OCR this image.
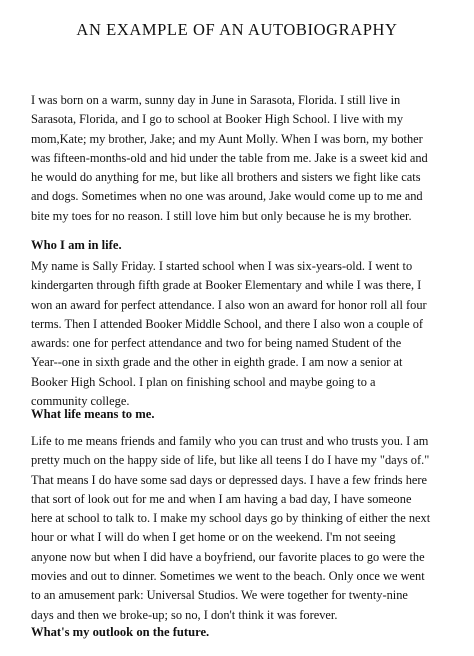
AN EXAMPLE OF AN AUTOBIOGRAPHY
I was born on a warm, sunny day in June in Sarasota, Florida. I still live in
Sarasota, Florida, and I go to school at Booker High School. I live with my
mom,Kate; my brother, Jake; and my Aunt Molly. When I was born, my bother
was fifteen-months-old and hid under the table from me. Jake is a sweet kid and
he would do anything for me, but like all brothers and sisters we fight like cats
and dogs. Sometimes when no one was around, Jake would come up to me and
bite my toes for no reason. I still love him but only because he is my brother.
Who I am in life.
My name is Sally Friday. I started school when I was six-years-old. I went to
kindergarten through fifth grade at Booker Elementary and while I was there, I
won an award for perfect attendance. I also won an award for honor roll all four
terms. Then I attended Booker Middle School, and there I also won a couple of
awards: one for perfect attendance and two for being named Student of the
Year--one in sixth grade and the other in eighth grade. I am now a senior at
Booker High School. I plan on finishing school and maybe going to a
community college.
What life means to me.
Life to me means friends and family who you can trust and who trusts you. I am
pretty much on the happy side of life, but like all teens I do I have my "days of."
That means I do have some sad days or depressed days. I have a few frinds here
that sort of look out for me and when I am having a bad day, I have someone
here at school to talk to. I make my school days go by thinking of either the next
hour or what I will do when I get home or on the weekend. I'm not seeing
anyone now but when I did have a boyfriend, our favorite places to go were the
movies and out to dinner. Sometimes we went to the beach. Only once we went
to an amusement park: Universal Studios. We were together for twenty-nine
days and then we broke-up; so no, I don't think it was forever.
What's my outlook on the future.
